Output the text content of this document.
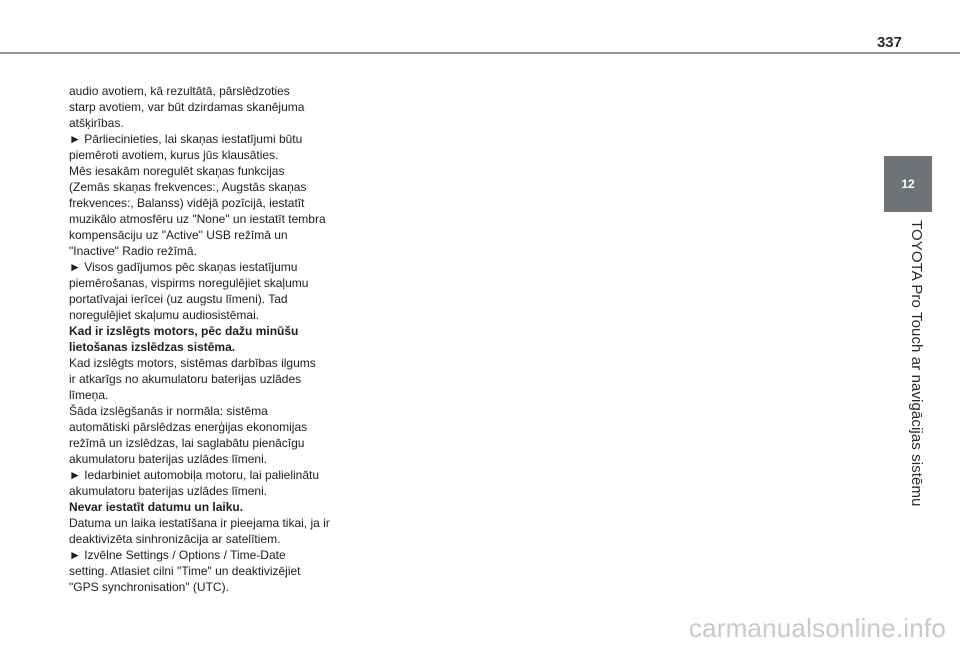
337
12
TOYOTA Pro Touch ar navigācijas sistēmu

audio avotiem, kā rezultātā, pārslēdzoties
starp avotiem, var būt dzirdamas skanējuma
atšķirības.

► Pārliecinieties, lai skaņas iestatījumi būtu
piemēroti avotiem, kurus jūs klausāties.

Mēs iesakām noregulēt skaņas funkcijas
(Zemās skaņas frekvences:, Augstās skaņas
frekvences:, Balanss) vidējā pozīcijā, iestatīt
muzikālo atmosfēru uz "None" un iestatīt tembra
kompensāciju uz "Active" USB režīmā un
"Inactive" Radio režīmā.

► Visos gadījumos pēc skaņas iestatījumu
piemērošanas, vispirms noregulējiet skaļumu
portatīvajai ierīcei (uz augstu līmeni). Tad
noregulējiet skaļumu audiosistēmai.

Kad ir izslēgts motors, pēc dažu minūšu
lietošanas izslēdzas sistēma.

Kad izslēgts motors, sistēmas darbības ilgums
ir atkarīgs no akumulatoru baterijas uzlādes
līmeņa.

Šāda izslēgšanās ir normāla: sistēma
automātiski pārslēdzas enerģijas ekonomijas
režīmā un izslēdzas, lai saglabātu pienācīgu
akumulatoru baterijas uzlādes līmeni.

► Iedarbiniet automobiļa motoru, lai palielinātu
akumulatoru baterijas uzlādes līmeni.

Nevar iestatīt datumu un laiku.

Datuma un laika iestatīšana ir pieejama tikai, ja ir
deaktivizēta sinhronizācija ar satelītiem.

► Izvēlne Settings / Options / Time-Date
setting. Atlasiet cilni "Time" un deaktivizējiet
"GPS synchronisation" (UTC).

carmanualsonline.info
